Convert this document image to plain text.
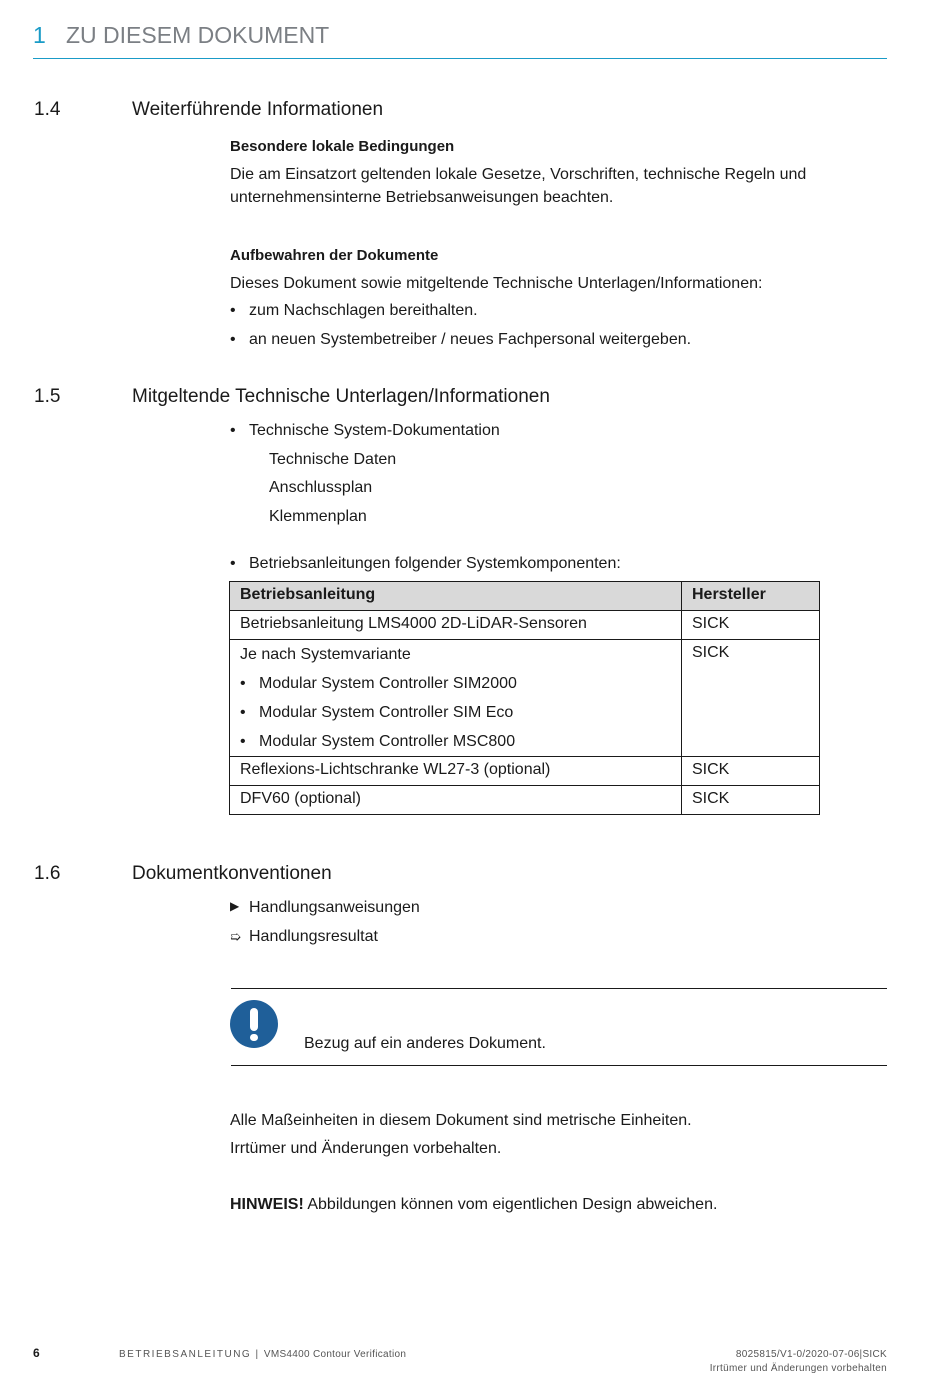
1 ZU DIESEM DOKUMENT
1.4	Weiterführende Informationen
Besondere lokale Bedingungen
Die am Einsatzort geltenden lokale Gesetze, Vorschriften, technische Regeln und
unternehmensinterne Betriebsanweisungen beachten.
Aufbewahren der Dokumente
Dieses Dokument sowie mitgeltende Technische Unterlagen/Informationen:
• zum Nachschlagen bereithalten.
• an neuen Systembetreiber / neues Fachpersonal weitergeben.
1.5	Mitgeltende Technische Unterlagen/Informationen
• Technische System-Dokumentation
Technische Daten
Anschlussplan
Klemmenplan
• Betriebsanleitungen folgender Systemkomponenten:
Betriebsanleitung	Hersteller
Betriebsanleitung LMS4000 2D-LiDAR-Sensoren	SICK

Je nach Systemvariante
• Modular System Controller SIM2000
• Modular System Controller SIM Eco
• Modular System Controller MSC800	SICK
Reflexions-Lichtschranke WL27-3 (optional)	SICK
DFV60 (optional)	SICK
1.6	Dokumentkonventionen
▶ Handlungsanweisungen
➯ Handlungsresultat
Bezug auf ein anderes Dokument.
Alle Maßeinheiten in diesem Dokument sind metrische Einheiten.
Irrtümer und Änderungen vorbehalten.
HINWEIS! Abbildungen können vom eigentlichen Design abweichen.
6	BETRIEBSANLEITUNG | VMS4400 Contour Verification	8025815/V1-0/2020-07-06|SICK
Irrtümer und Änderungen vorbehalten
